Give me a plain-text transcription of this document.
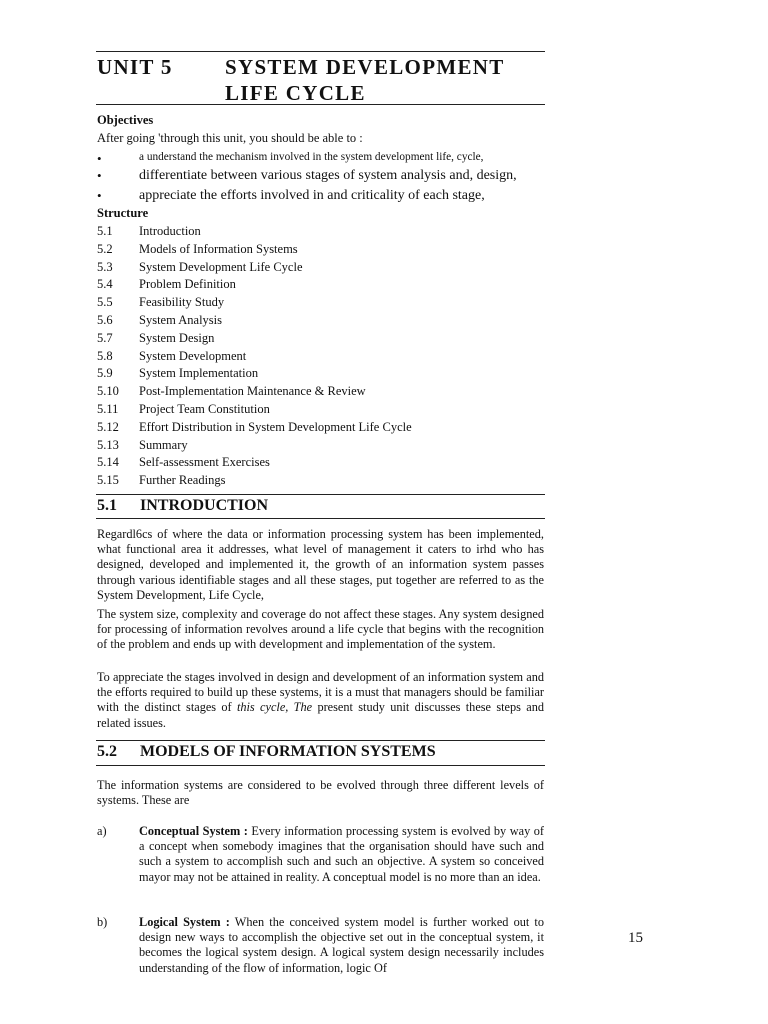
UNIT 5 SYSTEM DEVELOPMENT
LIFE CYCLE
Objectives
After going 'through this unit, you should be able to :
•	a understand the mechanism involved in the system development life, cycle,
•	differentiate between various stages of system analysis and, design,
•	appreciate the efforts involved in and criticality of each stage,
Structure
5.1 Introduction
5.2 Models of Information Systems
5.3 System Development Life Cycle
5.4 Problem Definition
5.5 Feasibility Study
5.6 System Analysis
5.7 System Design
5.8 System Development
5.9 System Implementation
5.10 Post-Implementation Maintenance & Review
5.11 Project Team Constitution
5.12 Effort Distribution in System Development Life Cycle
5.13 Summary
5.14 Self-assessment Exercises
5.15 Further Readings
5.1 INTRODUCTION
Regardl6cs of where the data or information processing system has been implemented, what functional area it addresses, what level of management it caters to irhd who has designed, developed and implemented it, the growth of an information system passes through various identifiable stages and all these stages, put together are referred to as the System Development, Life Cycle,
The system size, complexity and coverage do not affect these stages. Any system designed for processing of information revolves around a life cycle that begins with the recognition of the problem and ends up with development and implementation of the system.
To appreciate the stages involved in design and development of an information system and the efforts required to build up these systems, it is a must that managers should be familiar with the distinct stages of this cycle, The present study unit discusses these steps and related issues.
5.2 MODELS OF INFORMATION SYSTEMS
The information systems are considered to be evolved through three different levels of systems. These are
a)	Conceptual System : Every information processing system is evolved by way of a concept when somebody imagines that the organisation should have such and such a system to accomplish such and such an objective. A system so conceived mayor may not be attained in reality. A conceptual model is no more than an idea.
b)	Logical System : When the conceived system model is further worked out to design new ways to accomplish the objective set out in the conceptual system, it becomes the logical system design. A logical system design necessarily includes understanding of the flow of information, logic Of
15
